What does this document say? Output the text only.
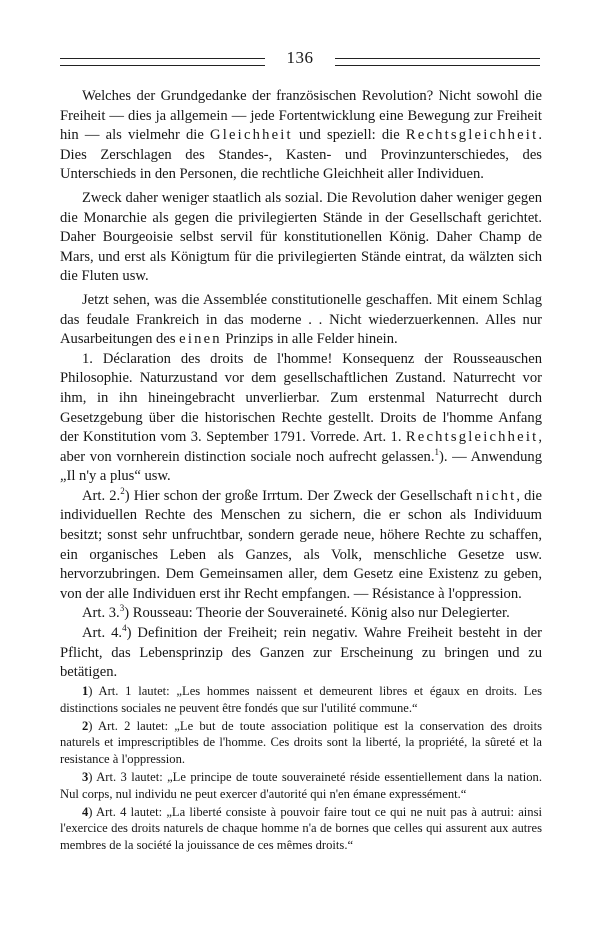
136

Welches der Grundgedanke der französischen Revolution? Nicht sowohl die Freiheit — dies ja allgemein — jede Fortentwicklung eine Bewegung zur Freiheit hin — als vielmehr die Gleichheit und speziell: die Rechtsgleichheit. Dies Zerschlagen des Standes-, Kasten- und Provinzunterschiedes, des Unterschieds in den Personen, die rechtliche Gleichheit aller Individuen.

Zweck daher weniger staatlich als sozial. Die Revolution daher weniger gegen die Monarchie als gegen die privilegierten Stände in der Gesellschaft gerichtet. Daher Bourgeoisie selbst servil für konstitutionellen König. Daher Champ de Mars, und erst als Königtum für die privilegierten Stände eintrat, da wälzten sich die Fluten usw.

Jetzt sehen, was die Assemblée constitutionelle geschaffen. Mit einem Schlag das feudale Frankreich in das moderne . . Nicht wiederzuerkennen. Alles nur Ausarbeitungen des einen Prinzips in alle Felder hinein.

1. Déclaration des droits de l'homme! Konsequenz der Rousseauschen Philosophie. Naturzustand vor dem gesellschaftlichen Zustand. Naturrecht vor ihm, in ihn hineingebracht unverlierbar. Zum erstenmal Naturrecht durch Gesetzgebung über die historischen Rechte gestellt. Droits de l'homme Anfang der Konstitution vom 3. September 1791. Vorrede. Art. 1. Rechtsgleichheit, aber von vornherein distinction sociale noch aufrecht gelassen.$^1$). — Anwendung „Il n'y a plus“ usw.

Art. 2.$^2$) Hier schon der große Irrtum. Der Zweck der Gesellschaft nicht, die individuellen Rechte des Menschen zu sichern, die er schon als Individuum besitzt; sonst sehr unfruchtbar, sondern gerade neue, höhere Rechte zu schaffen, ein organisches Leben als Ganzes, als Volk, menschliche Gesetze usw. hervorzubringen. Dem Gemeinsamen aller, dem Gesetz eine Existenz zu geben, von der alle Individuen erst ihr Recht empfangen. — Résistance à l'oppression.

Art. 3.$^3$) Rousseau: Theorie der Souveraineté. König also nur Delegierter.

Art. 4.$^4$) Definition der Freiheit; rein negativ. Wahre Freiheit besteht in der Pflicht, das Lebensprinzip des Ganzen zur Erscheinung zu bringen und zu betätigen.

1) Art. 1 lautet: „Les hommes naissent et demeurent libres et égaux en droits. Les distinctions sociales ne peuvent être fondés que sur l'utilité commune.“

2) Art. 2 lautet: „Le but de toute association politique est la conservation des droits naturels et imprescriptibles de l'homme. Ces droits sont la liberté, la propriété, la sûreté et la resistance à l'oppression.

3) Art. 3 lautet: „Le principe de toute souveraineté réside essentiellement dans la nation. Nul corps, nul individu ne peut exercer d'autorité qui n'en émane expressément.“

4) Art. 4 lautet: „La liberté consiste à pouvoir faire tout ce qui ne nuit pas à autrui: ainsi l'exercice des droits naturels de chaque homme n'a de bornes que celles qui assurent aux autres membres de la société la jouissance de ces mêmes droits.“
